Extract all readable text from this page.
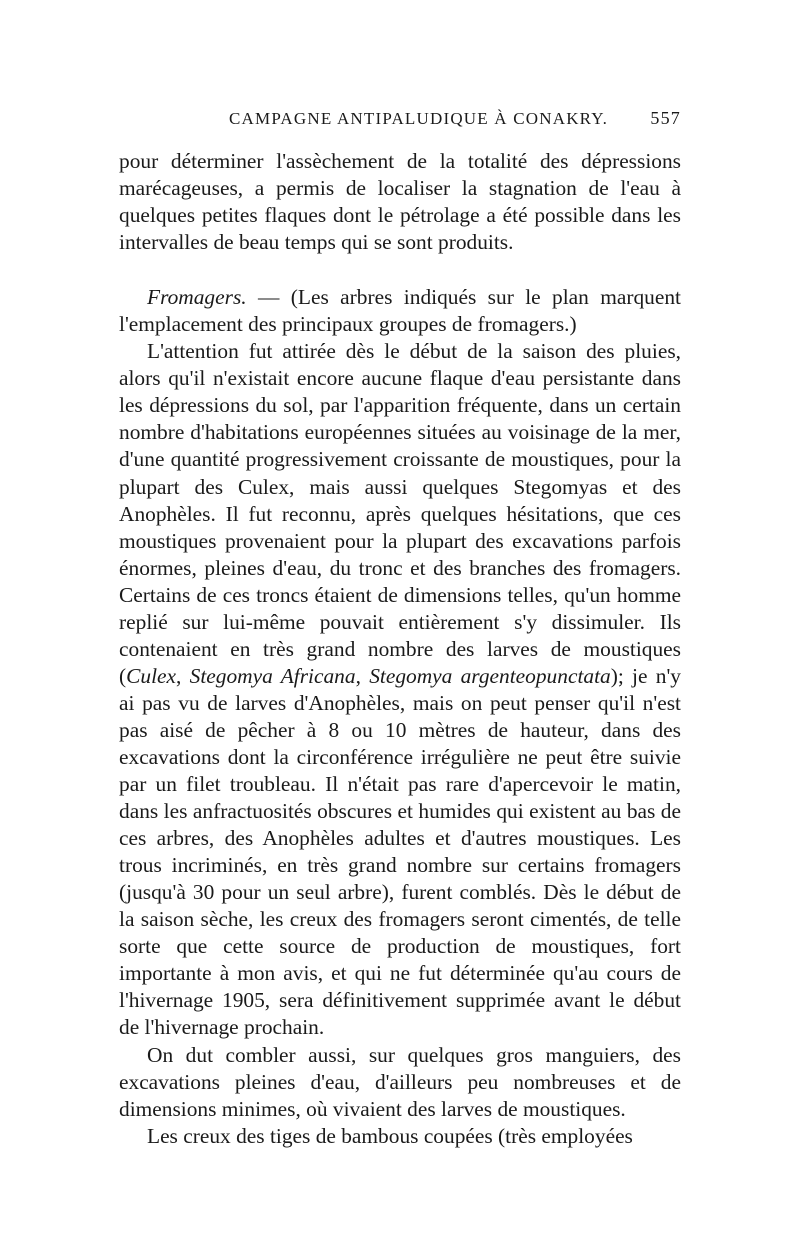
CAMPAGNE ANTIPALUDIQUE À CONAKRY. 557

pour déterminer l'assèchement de la totalité des dépressions marécageuses, a permis de localiser la stagnation de l'eau à quelques petites flaques dont le pétrolage a été possible dans les intervalles de beau temps qui se sont produits.

Fromagers. — (Les arbres indiqués sur le plan marquent l'emplacement des principaux groupes de fromagers.)

L'attention fut attirée dès le début de la saison des pluies, alors qu'il n'existait encore aucune flaque d'eau persistante dans les dépressions du sol, par l'apparition fréquente, dans un certain nombre d'habitations européennes situées au voisinage de la mer, d'une quantité progressivement croissante de moustiques, pour la plupart des Culex, mais aussi quelques Stegomyas et des Anophèles. Il fut reconnu, après quelques hésitations, que ces moustiques provenaient pour la plupart des excavations parfois énormes, pleines d'eau, du tronc et des branches des fromagers. Certains de ces troncs étaient de dimensions telles, qu'un homme replié sur lui-même pouvait entièrement s'y dissimuler. Ils contenaient en très grand nombre des larves de moustiques (Culex, Stegomya Africana, Stegomya argenteopunctata); je n'y ai pas vu de larves d'Anophèles, mais on peut penser qu'il n'est pas aisé de pêcher à 8 ou 10 mètres de hauteur, dans des excavations dont la circonférence irrégulière ne peut être suivie par un filet troubleau. Il n'était pas rare d'apercevoir le matin, dans les anfractuosités obscures et humides qui existent au bas de ces arbres, des Anophèles adultes et d'autres moustiques. Les trous incriminés, en très grand nombre sur certains fromagers (jusqu'à 30 pour un seul arbre), furent comblés. Dès le début de la saison sèche, les creux des fromagers seront cimentés, de telle sorte que cette source de production de moustiques, fort importante à mon avis, et qui ne fut déterminée qu'au cours de l'hivernage 1905, sera définitivement supprimée avant le début de l'hivernage prochain.

On dut combler aussi, sur quelques gros manguiers, des excavations pleines d'eau, d'ailleurs peu nombreuses et de dimensions minimes, où vivaient des larves de moustiques.

Les creux des tiges de bambous coupées (très employées
